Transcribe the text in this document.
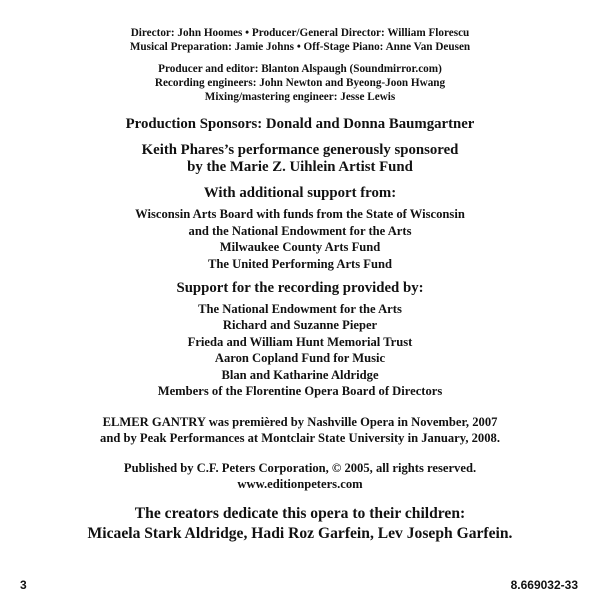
Director: John Hoomes • Producer/General Director: William Florescu
Musical Preparation: Jamie Johns • Off-Stage Piano: Anne Van Deusen
Producer and editor: Blanton Alspaugh (Soundmirror.com)
Recording engineers: John Newton and Byeong-Joon Hwang
Mixing/mastering engineer: Jesse Lewis
Production Sponsors: Donald and Donna Baumgartner
Keith Phares’s performance generously sponsored
by the Marie Z. Uihlein Artist Fund
With additional support from:
Wisconsin Arts Board with funds from the State of Wisconsin
and the National Endowment for the Arts
Milwaukee County Arts Fund
The United Performing Arts Fund
Support for the recording provided by:
The National Endowment for the Arts
Richard and Suzanne Pieper
Frieda and William Hunt Memorial Trust
Aaron Copland Fund for Music
Blan and Katharine Aldridge
Members of the Florentine Opera Board of Directors
ELMER GANTRY was premièred by Nashville Opera in November, 2007
and by Peak Performances at Montclair State University in January, 2008.
Published by C.F. Peters Corporation, © 2005, all rights reserved.
www.editionpeters.com
The creators dedicate this opera to their children:
Micaela Stark Aldridge, Hadi Roz Garfein, Lev Joseph Garfein.
3	8.669032-33
